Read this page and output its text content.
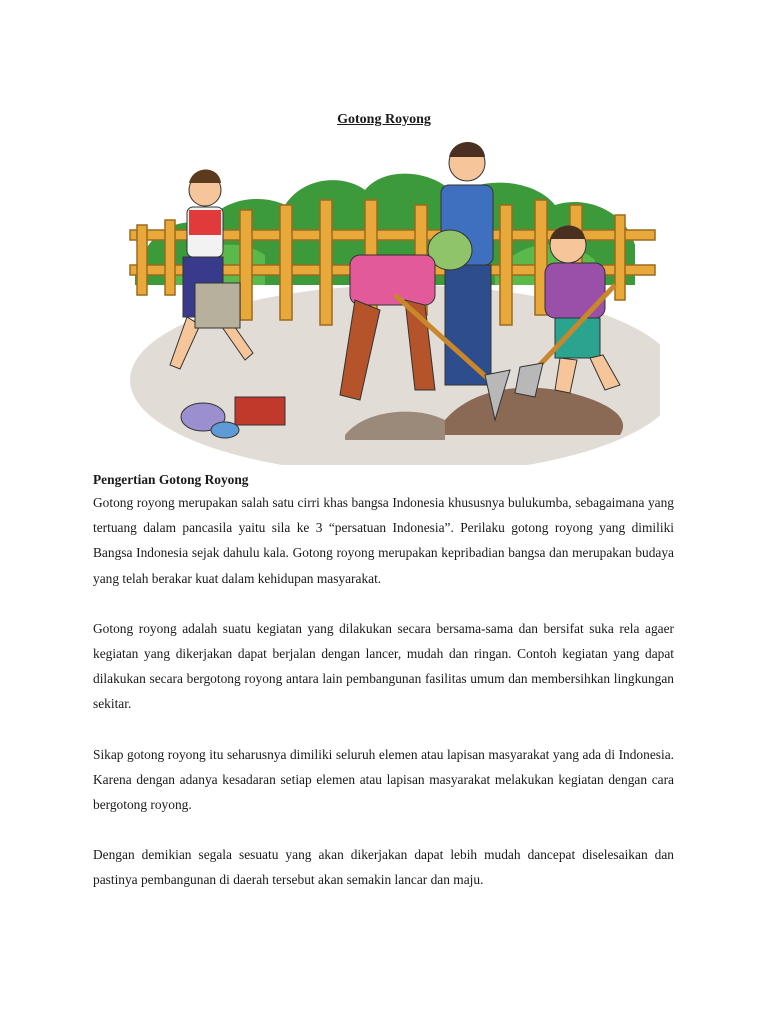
Gotong Royong

Pengertian Gotong Royong

Gotong royong merupakan salah satu cirri khas bangsa Indonesia khususnya bulukumba, sebagaimana yang tertuang dalam pancasila yaitu sila ke 3 “persatuan Indonesia”. Perilaku gotong royong yang dimiliki Bangsa Indonesia sejak dahulu kala. Gotong royong merupakan kepribadian bangsa dan merupakan budaya yang telah berakar kuat dalam kehidupan masyarakat.

Gotong royong adalah suatu kegiatan yang dilakukan secara bersama-sama dan bersifat suka rela agaer kegiatan yang dikerjakan dapat berjalan dengan lancer, mudah dan ringan. Contoh kegiatan yang dapat dilakukan secara bergotong royong antara lain pembangunan fasilitas umum dan membersihkan lingkungan sekitar.

Sikap gotong royong itu seharusnya dimiliki seluruh elemen atau lapisan masyarakat yang ada di Indonesia. Karena dengan adanya kesadaran setiap elemen atau lapisan masyarakat melakukan kegiatan dengan cara bergotong royong.

Dengan demikian segala sesuatu yang akan dikerjakan dapat lebih mudah dancepat diselesaikan dan pastinya pembangunan di daerah tersebut akan semakin lancar dan maju.
